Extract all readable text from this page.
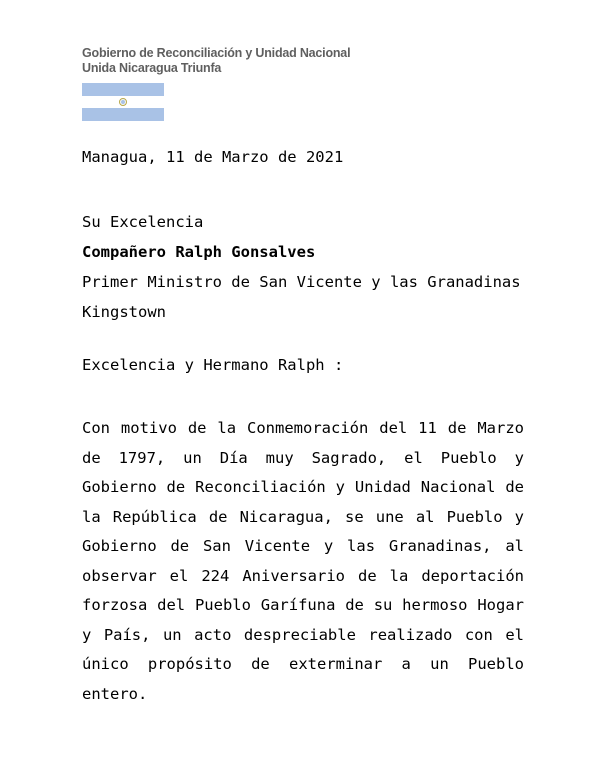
Gobierno de Reconciliación y Unidad Nacional
Unida Nicaragua Triunfa

Managua, 11 de Marzo de 2021

Su Excelencia
Compañero Ralph Gonsalves
Primer Ministro de San Vicente y las Granadinas
Kingstown

Excelencia y Hermano Ralph :

Con motivo de la Conmemoración del 11 de Marzo de 1797, un Día muy Sagrado, el Pueblo y Gobierno de Reconciliación y Unidad Nacional de la República de Nicaragua, se une al Pueblo y Gobierno de San Vicente y las Granadinas, al observar el 224 Aniversario de la deportación forzosa del Pueblo Garífuna de su hermoso Hogar y País, un acto despreciable realizado con el único propósito de exterminar a un Pueblo entero.
